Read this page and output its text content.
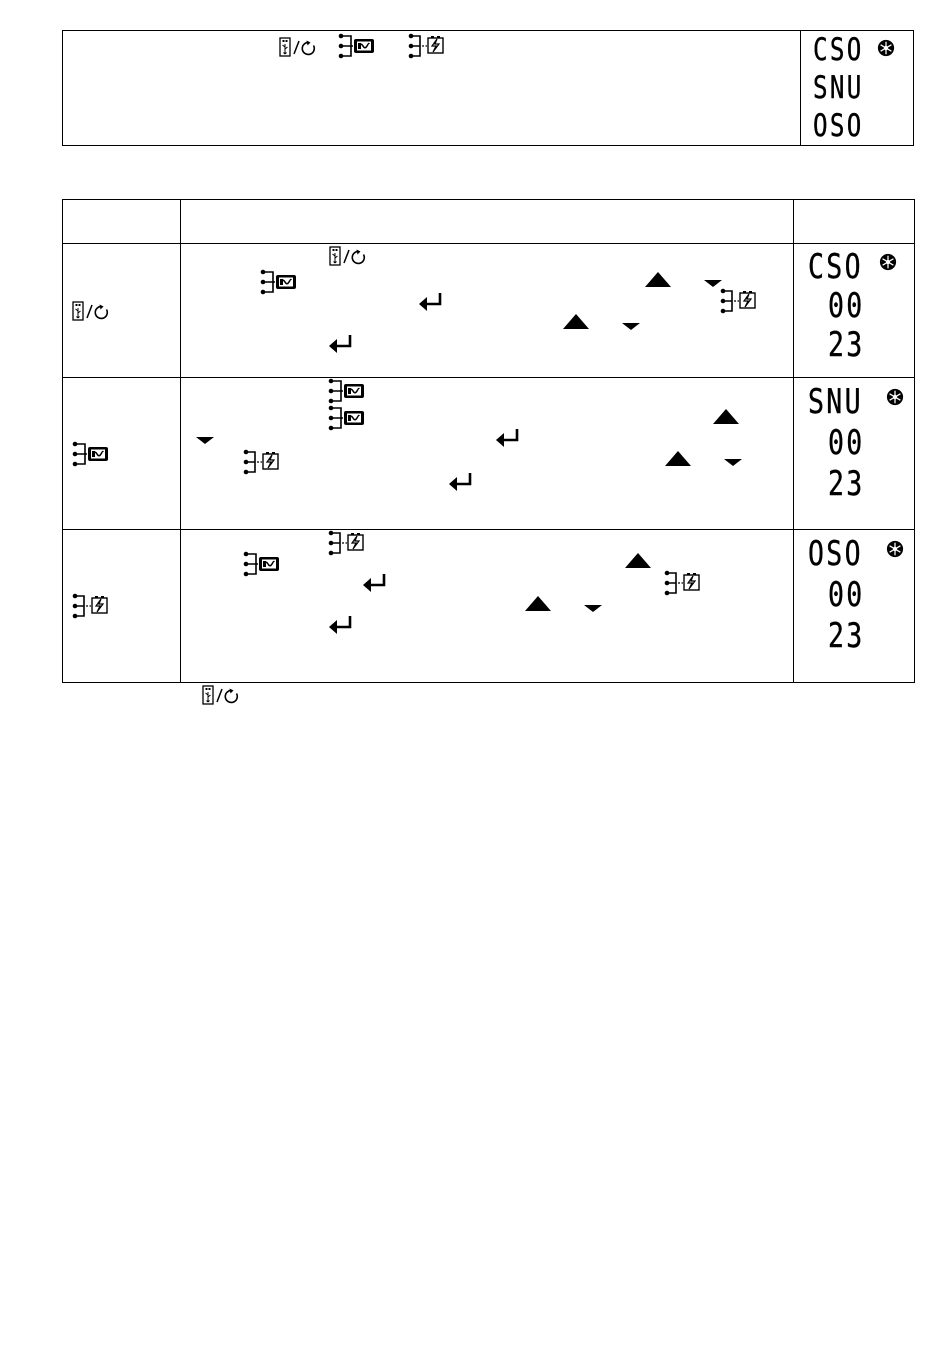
CSO
SNU
OSO
CSO
00
23
SNU
00
23
OSO
00
23
